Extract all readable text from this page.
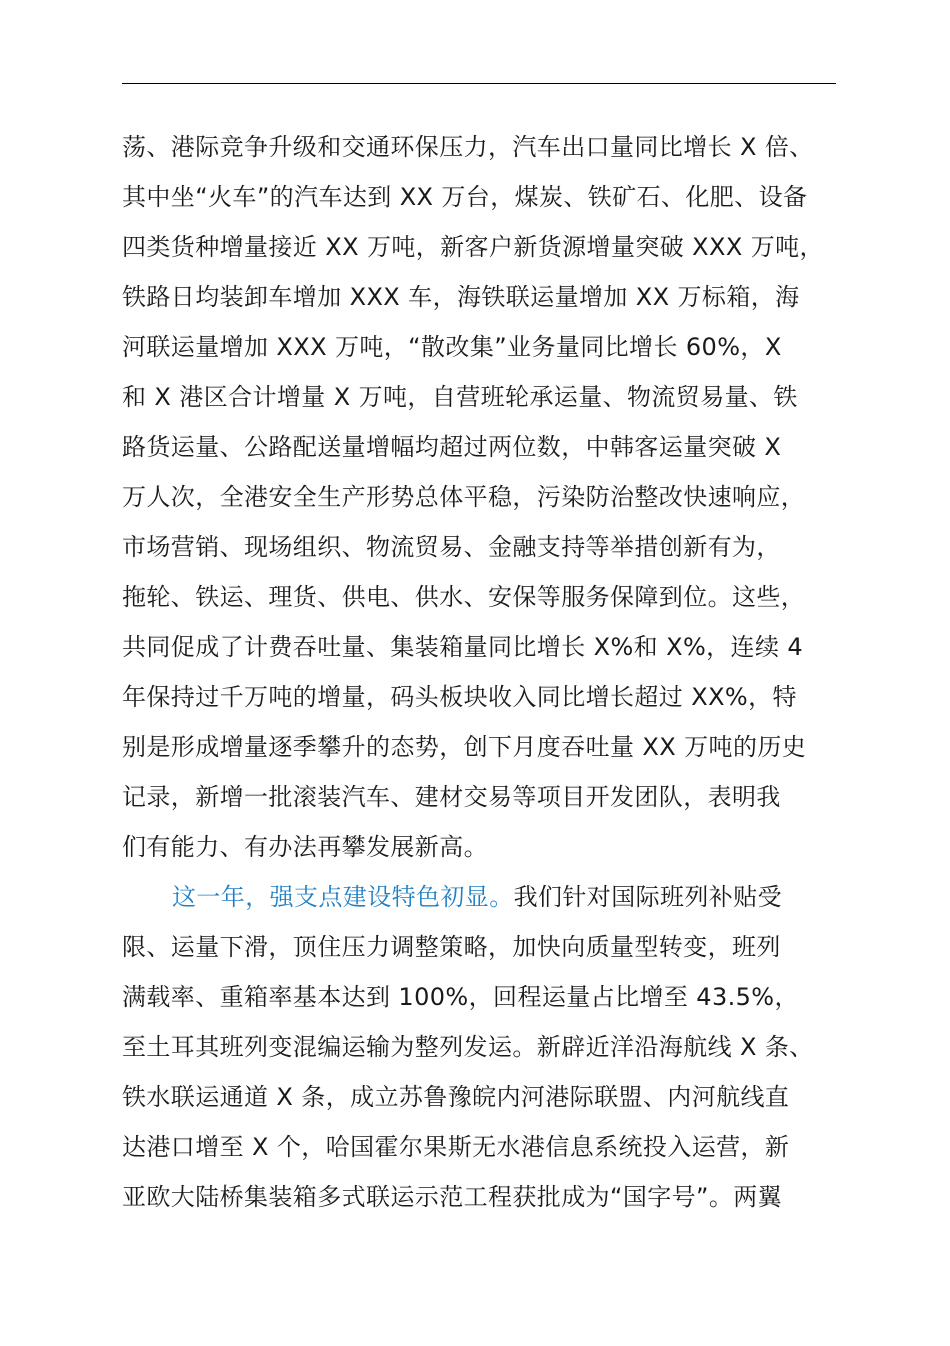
荡、港际竞争升级和交通环保压力，汽车出口量同比增长 X 倍、
其中坐“火车”的汽车达到 XX 万台，煤炭、铁矿石、化肥、设备
四类货种增量接近 XX 万吨，新客户新货源增量突破 XXX 万吨，
铁路日均装卸车增加 XXX 车，海铁联运量增加 XX 万标箱，海
河联运量增加 XXX 万吨，“散改集”业务量同比增长 60%，X
和 X 港区合计增量 X 万吨，自营班轮承运量、物流贸易量、铁
路货运量、公路配送量增幅均超过两位数，中韩客运量突破 X
万人次，全港安全生产形势总体平稳，污染防治整改快速响应，
市场营销、现场组织、物流贸易、金融支持等举措创新有为，
拖轮、铁运、理货、供电、供水、安保等服务保障到位。这些，
共同促成了计费吞吐量、集装箱量同比增长 X%和 X%，连续 4
年保持过千万吨的增量，码头板块收入同比增长超过 XX%，特
别是形成增量逐季攀升的态势，创下月度吞吐量 XX 万吨的历史
记录，新增一批滚装汽车、建材交易等项目开发团队，表明我
们有能力、有办法再攀发展新高。
这一年，强支点建设特色初显。我们针对国际班列补贴受
限、运量下滑，顶住压力调整策略，加快向质量型转变，班列
满载率、重箱率基本达到 100%，回程运量占比增至 43.5%，
至土耳其班列变混编运输为整列发运。新辟近洋沿海航线 X 条、
铁水联运通道 X 条，成立苏鲁豫皖内河港际联盟、内河航线直
达港口增至 X 个，哈国霍尔果斯无水港信息系统投入运营，新
亚欧大陆桥集装箱多式联运示范工程获批成为“国字号”。两翼
